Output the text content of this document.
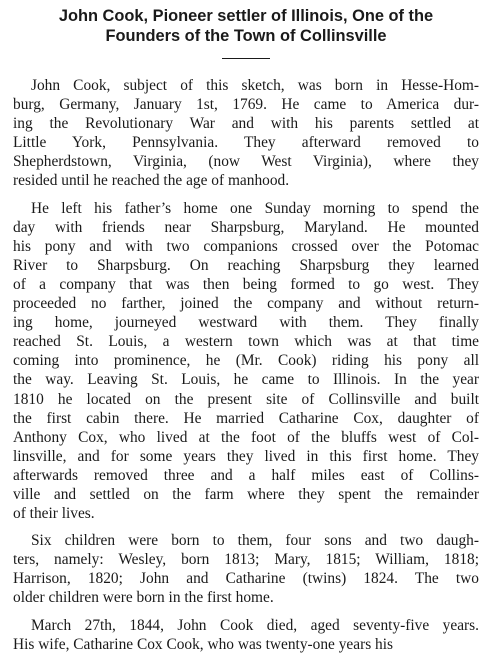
John Cook, Pioneer settler of Illinois, One of the
Founders of the Town of Collinsville
John Cook, subject of this sketch, was born in Hesse-Hom-
burg, Germany, January 1st, 1769. He came to America dur-
ing the Revolutionary War and with his parents settled at
Little York, Pennsylvania. They afterward removed to
Shepherdstown, Virginia, (now West Virginia), where they
resided until he reached the age of manhood.
He left his father’s home one Sunday morning to spend the
day with friends near Sharpsburg, Maryland. He mounted
his pony and with two companions crossed over the Potomac
River to Sharpsburg. On reaching Sharpsburg they learned
of a company that was then being formed to go west. They
proceeded no farther, joined the company and without return-
ing home, journeyed westward with them. They finally
reached St. Louis, a western town which was at that time
coming into prominence, he (Mr. Cook) riding his pony all
the way. Leaving St. Louis, he came to Illinois. In the year
1810 he located on the present site of Collinsville and built
the first cabin there. He married Catharine Cox, daughter of
Anthony Cox, who lived at the foot of the bluffs west of Col-
linsville, and for some years they lived in this first home. They
afterwards removed three and a half miles east of Collins-
ville and settled on the farm where they spent the remainder
of their lives.
Six children were born to them, four sons and two daugh-
ters, namely: Wesley, born 1813; Mary, 1815; William, 1818;
Harrison, 1820; John and Catharine (twins) 1824. The two
older children were born in the first home.
March 27th, 1844, John Cook died, aged seventy-five years.
His wife, Catharine Cox Cook, who was twenty-one years his
